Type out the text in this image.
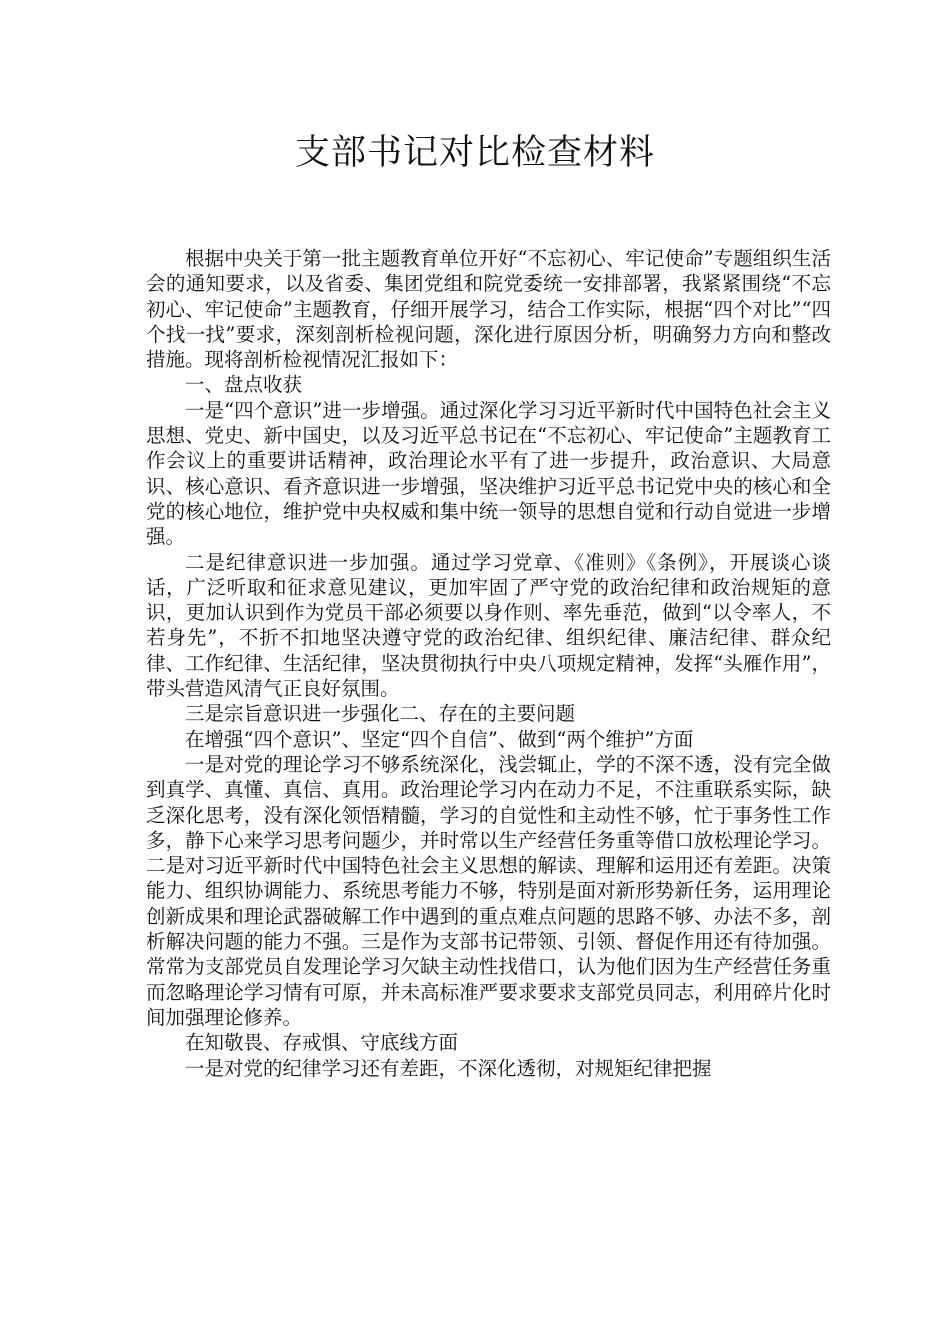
支部书记对比检查材料

根据中央关于第一批主题教育单位开好“不忘初心、牢记使命”专题组织生活会的通知要求，以及省委、集团党组和院党委统一安排部署，我紧紧围绕“不忘初心、牢记使命”主题教育，仔细开展学习，结合工作实际，根据“四个对比”“四个找一找”要求，深刻剖析检视问题，深化进行原因分析，明确努力方向和整改措施。现将剖析检视情况汇报如下：

一、盘点收获

一是“四个意识”进一步增强。通过深化学习习近平新时代中国特色社会主义思想、党史、新中国史，以及习近平总书记在“不忘初心、牢记使命”主题教育工作会议上的重要讲话精神，政治理论水平有了进一步提升，政治意识、大局意识、核心意识、看齐意识进一步增强，坚决维护习近平总书记党中央的核心和全党的核心地位，维护党中央权威和集中统一领导的思想自觉和行动自觉进一步增强。

二是纪律意识进一步加强。通过学习党章、《准则》《条例》，开展谈心谈话，广泛听取和征求意见建议，更加牢固了严守党的政治纪律和政治规矩的意识，更加认识到作为党员干部必须要以身作则、率先垂范，做到“以令率人，不若身先”，不折不扣地坚决遵守党的政治纪律、组织纪律、廉洁纪律、群众纪律、工作纪律、生活纪律，坚决贯彻执行中央八项规定精神，发挥“头雁作用”，带头营造风清气正良好氛围。

三是宗旨意识进一步强化二、存在的主要问题

在增强“四个意识”、坚定“四个自信”、做到“两个维护”方面

一是对党的理论学习不够系统深化，浅尝辄止，学的不深不透，没有完全做到真学、真懂、真信、真用。政治理论学习内在动力不足，不注重联系实际，缺乏深化思考，没有深化领悟精髓，学习的自觉性和主动性不够，忙于事务性工作多，静下心来学习思考问题少，并时常以生产经营任务重等借口放松理论学习。二是对习近平新时代中国特色社会主义思想的解读、理解和运用还有差距。决策能力、组织协调能力、系统思考能力不够，特别是面对新形势新任务，运用理论创新成果和理论武器破解工作中遇到的重点难点问题的思路不够、办法不多，剖析解决问题的能力不强。三是作为支部书记带领、引领、督促作用还有待加强。常常为支部党员自发理论学习欠缺主动性找借口，认为他们因为生产经营任务重而忽略理论学习情有可原，并未高标准严要求要求支部党员同志，利用碎片化时间加强理论修养。

在知敬畏、存戒惧、守底线方面

一是对党的纪律学习还有差距，不深化透彻，对规矩纪律把握
